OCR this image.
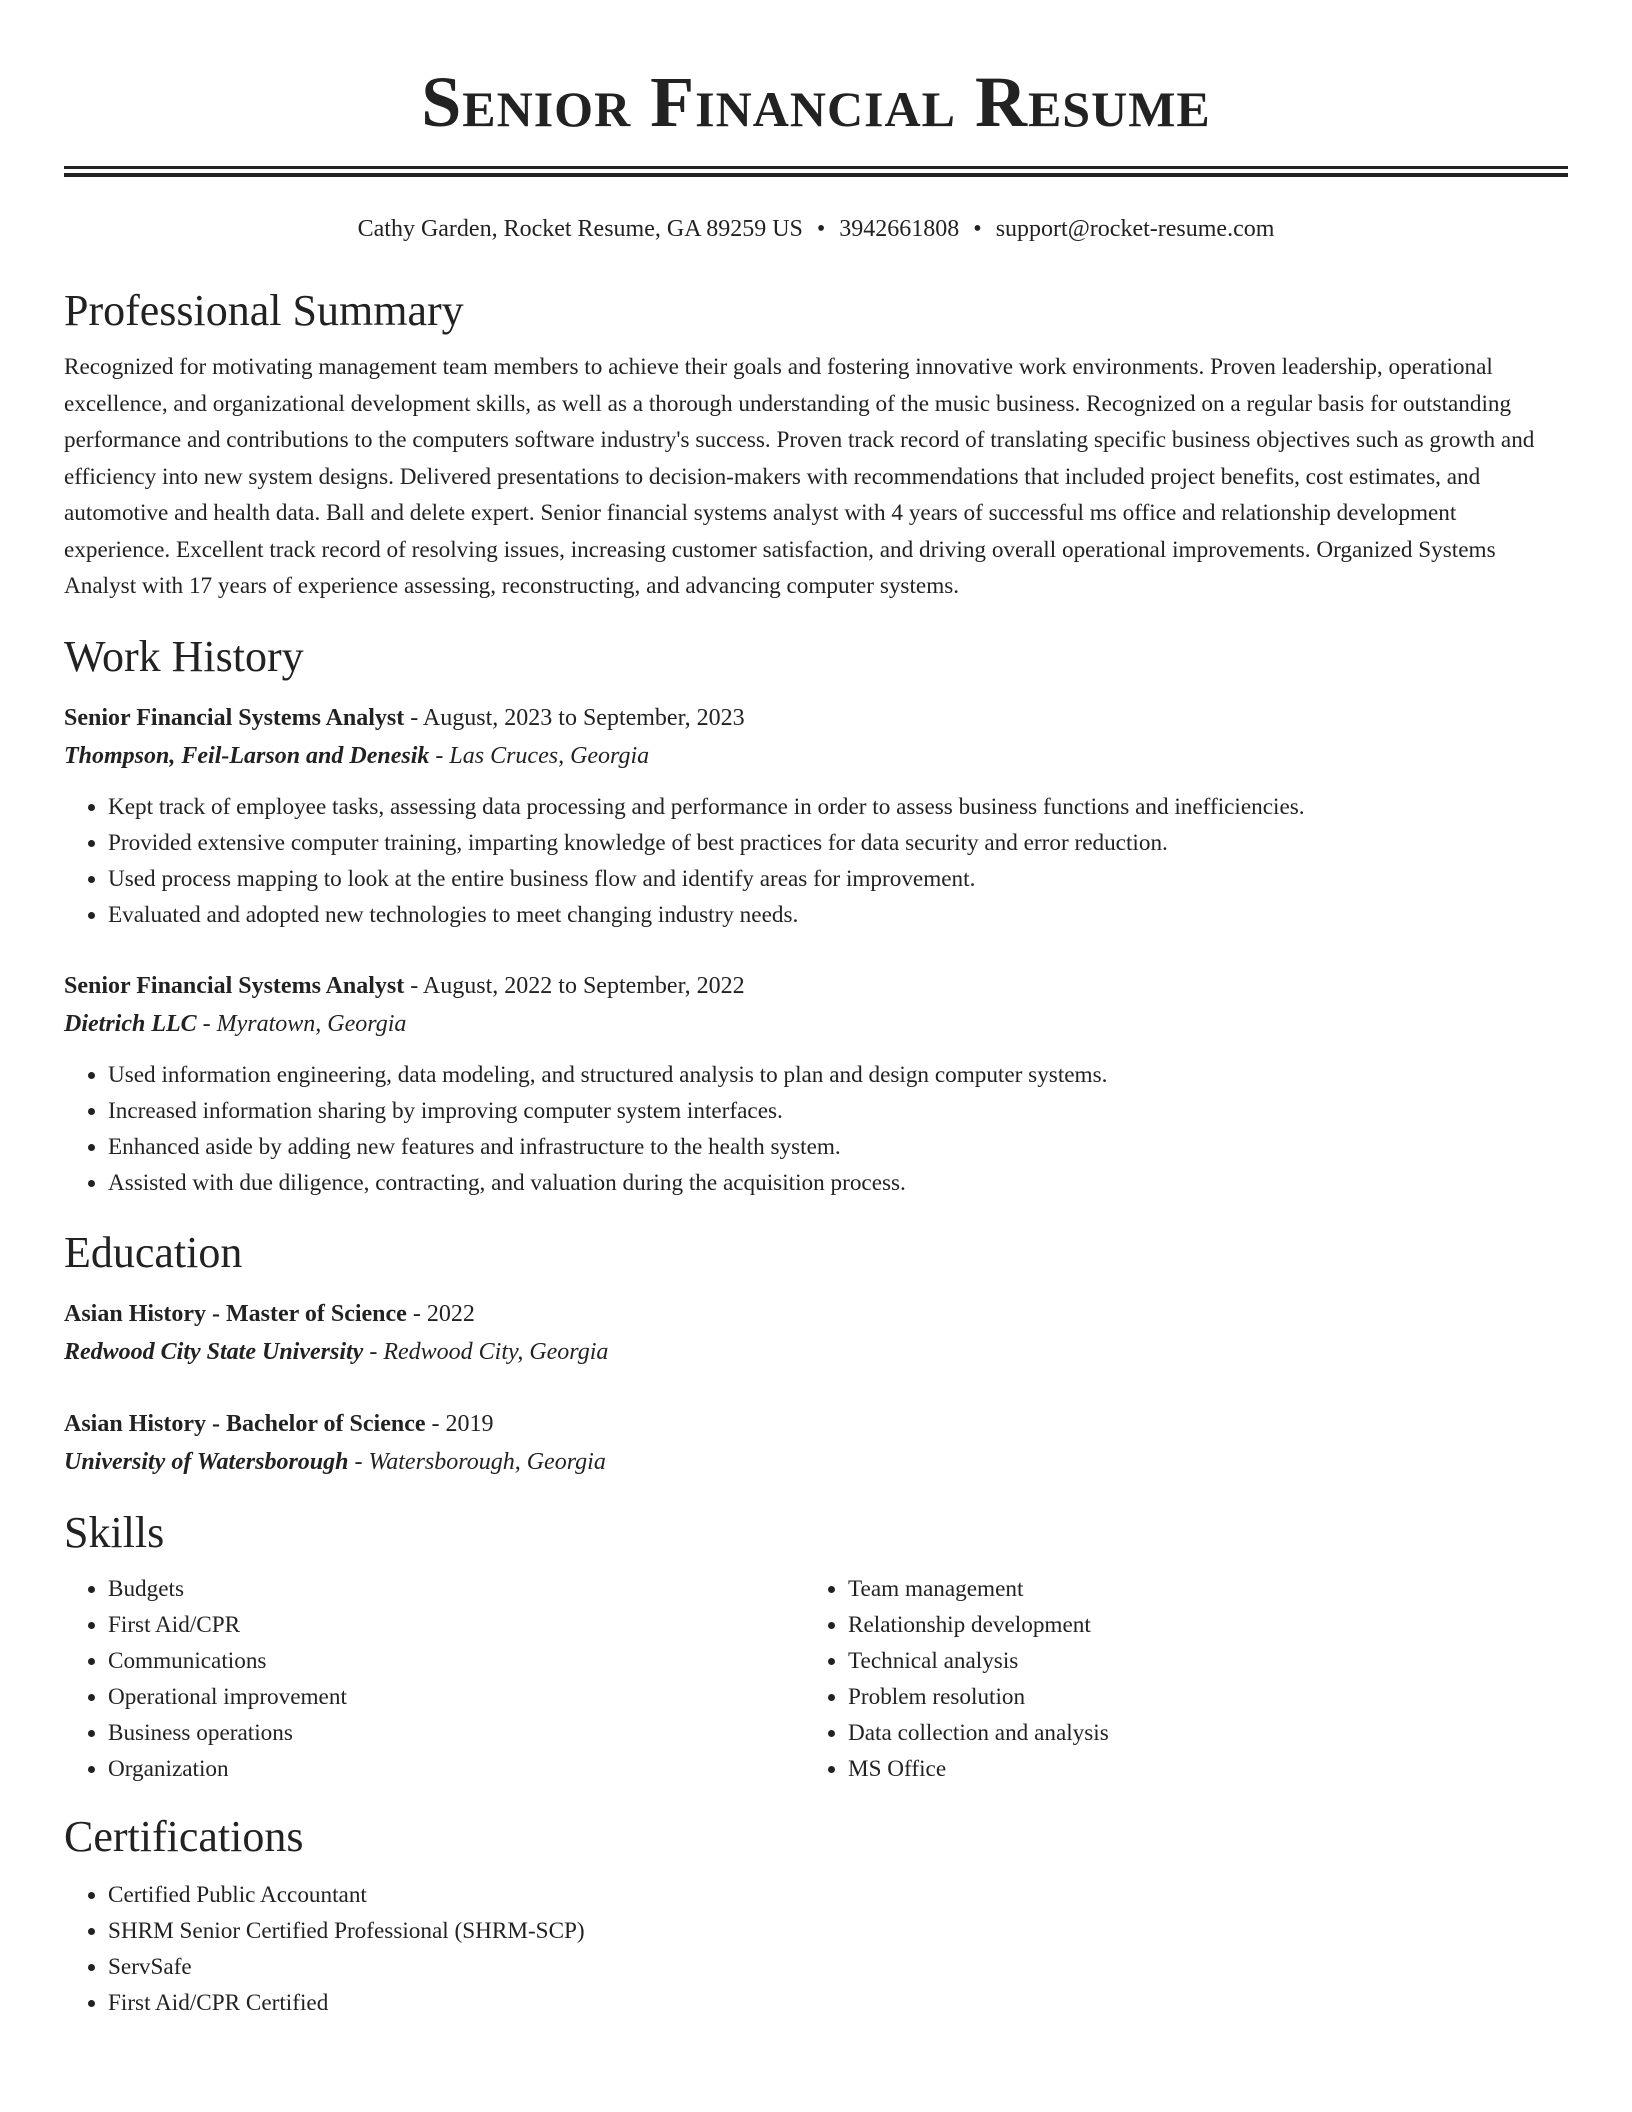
Senior Financial Resume
Cathy Garden, Rocket Resume, GA 89259 US • 3942661808 • support@rocket-resume.com
Professional Summary

Recognized for motivating management team members to achieve their goals and fostering innovative work environments. Proven leadership, operational excellence, and organizational development skills, as well as a thorough understanding of the music business. Recognized on a regular basis for outstanding performance and contributions to the computers software industry's success. Proven track record of translating specific business objectives such as growth and efficiency into new system designs. Delivered presentations to decision-makers with recommendations that included project benefits, cost estimates, and automotive and health data. Ball and delete expert. Senior financial systems analyst with 4 years of successful ms office and relationship development experience. Excellent track record of resolving issues, increasing customer satisfaction, and driving overall operational improvements. Organized Systems Analyst with 17 years of experience assessing, reconstructing, and advancing computer systems.

Work History
Senior Financial Systems Analyst - August, 2023 to September, 2023
Thompson, Feil-Larson and Denesik - Las Cruces, Georgia
• Kept track of employee tasks, assessing data processing and performance in order to assess business functions and inefficiencies.
• Provided extensive computer training, imparting knowledge of best practices for data security and error reduction.
• Used process mapping to look at the entire business flow and identify areas for improvement.
• Evaluated and adopted new technologies to meet changing industry needs.
Senior Financial Systems Analyst - August, 2022 to September, 2022
Dietrich LLC - Myratown, Georgia
• Used information engineering, data modeling, and structured analysis to plan and design computer systems.
• Increased information sharing by improving computer system interfaces.
• Enhanced aside by adding new features and infrastructure to the health system.
• Assisted with due diligence, contracting, and valuation during the acquisition process.
Education
Asian History - Master of Science - 2022
Redwood City State University - Redwood City, Georgia
Asian History - Bachelor of Science - 2019
University of Watersborough - Watersborough, Georgia
Skills
• Budgets
• First Aid/CPR
• Communications
• Operational improvement
• Business operations
• Organization
• Team management
• Relationship development
• Technical analysis
• Problem resolution
• Data collection and analysis
• MS Office
Certifications
• Certified Public Accountant
• SHRM Senior Certified Professional (SHRM-SCP)
• ServSafe
• First Aid/CPR Certified
